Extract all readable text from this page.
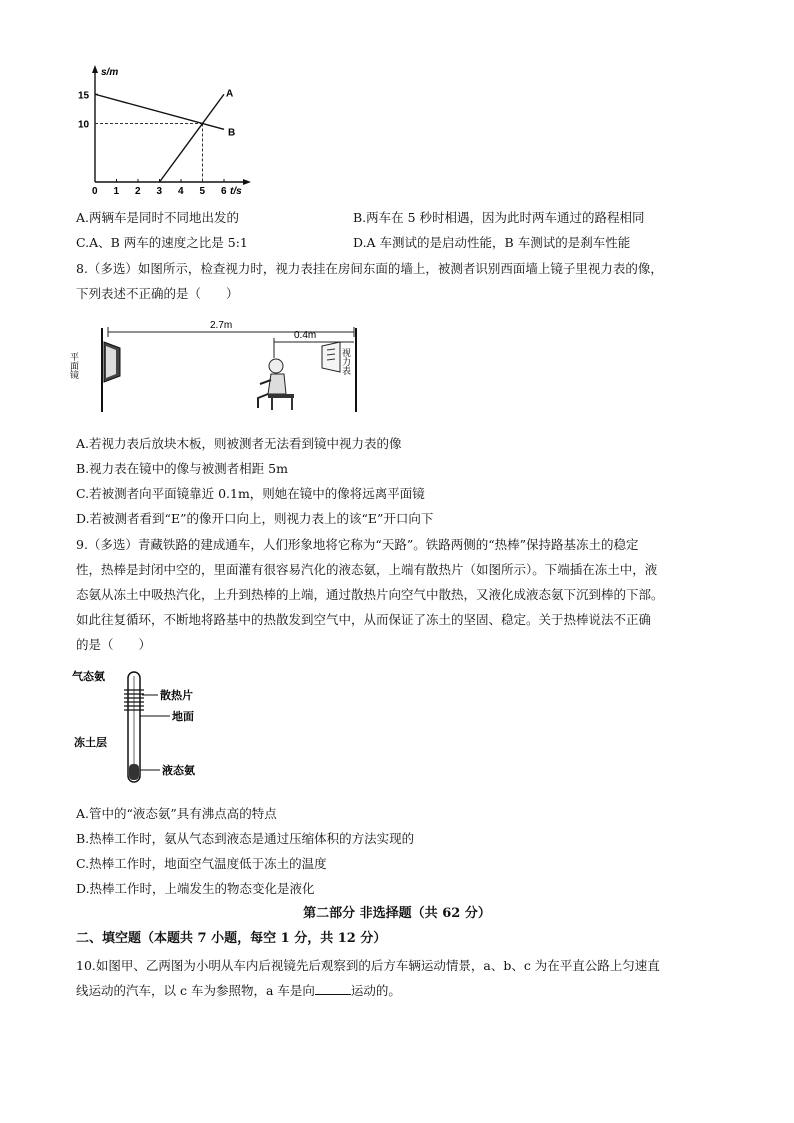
s/m
t/s
0 1 2 3 4 5 6
10
15	A
B
A.两辆车是同时不同地出发的	B.两车在 5 秒时相遇，因为此时两车通过的路程相同
C.A、B 两车的速度之比是 5:1	D.A 车测试的是启动性能，B 车测试的是刹车性能
8.（多选）如图所示，检查视力时，视力表挂在房间东面的墙上，被测者识别西面墙上镜子里视力表的像，
下列表述不正确的是（　　）
2.7m
0.4m
平面镜	视力表
A.若视力表后放块木板，则被测者无法看到镜中视力表的像
B.视力表在镜中的像与被测者相距 5m
C.若被测者向平面镜靠近 0.1m，则她在镜中的像将远离平面镜
D.若被测者看到“E”的像开口向上，则视力表上的该“E”开口向下
9.（多选）青藏铁路的建成通车，人们形象地将它称为“天路”。铁路两侧的“热棒”保持路基冻土的稳定
性，热棒是封闭中空的，里面灌有很容易汽化的液态氨，上端有散热片（如图所示）。下端插在冻土中，液
态氨从冻土中吸热汽化，上升到热棒的上端，通过散热片向空气中散热，又液化成液态氨下沉到棒的下部。
如此往复循环，不断地将路基中的热散发到空气中，从而保证了冻土的坚固、稳定。关于热棒说法不正确
的是（　　）
气态氨
散热片
地面
冻土层
液态氨
A.管中的“液态氨”具有沸点高的特点
B.热棒工作时，氨从气态到液态是通过压缩体积的方法实现的
C.热棒工作时，地面空气温度低于冻土的温度
D.热棒工作时，上端发生的物态变化是液化
第二部分 非选择题（共 62 分）
二、填空题（本题共 7 小题，每空 1 分，共 12 分）
10.如图甲、乙两图为小明从车内后视镜先后观察到的后方车辆运动情景，a、b、c 为在平直公路上匀速直
线运动的汽车，以 c 车为参照物，a 车是向	运动的。
